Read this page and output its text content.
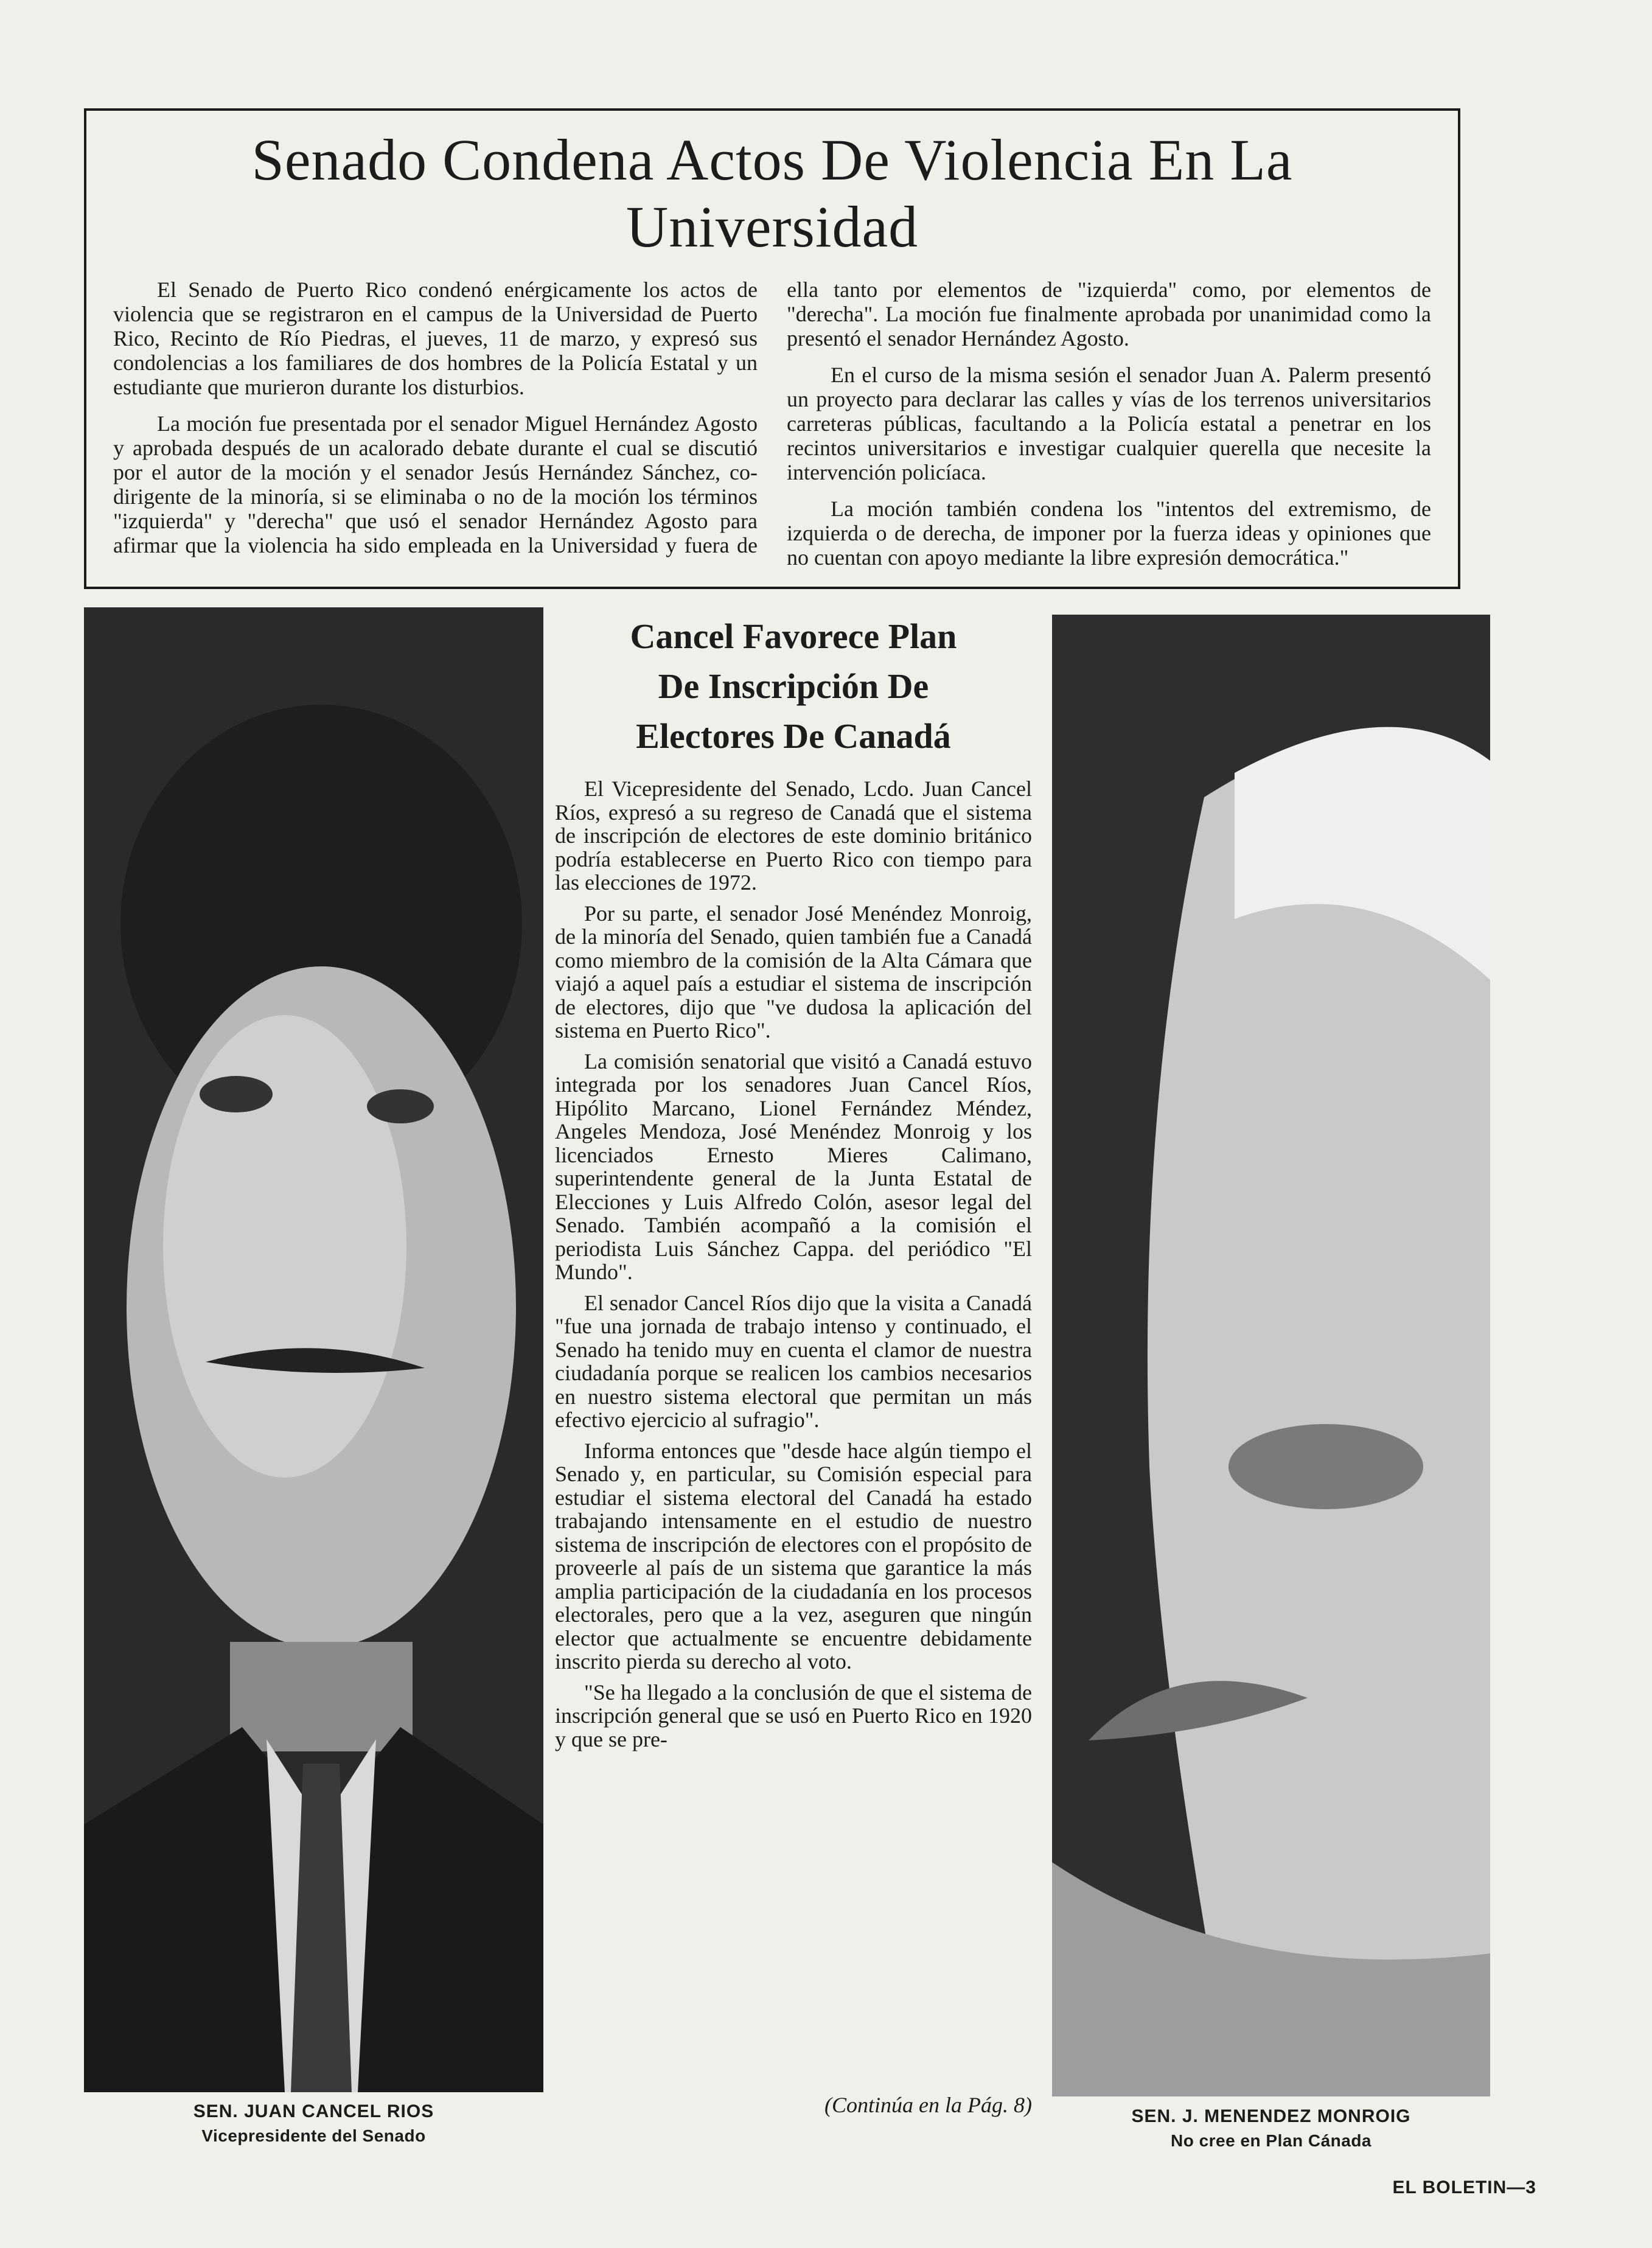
Senado Condena Actos De Violencia En La Universidad

El Senado de Puerto Rico condenó enérgicamente los actos de violencia que se registraron en el campus de la Universidad de Puerto Rico, Recinto de Río Piedras, el jueves, 11 de marzo, y expresó sus condolencias a los familiares de dos hombres de la Policía Estatal y un estudiante que murieron durante los disturbios.

La moción fue presentada por el senador Miguel Hernández Agosto y aprobada después de un acalorado debate durante el cual se discutió por el autor de la moción y el senador Jesús Hernández Sánchez, co-dirigente de la minoría, si se eliminaba o no de la moción los términos "izquierda" y "derecha" que usó el senador Hernández Agosto para afirmar que la violencia ha sido empleada en la Universidad y fuera de ella tanto por elementos de "izquierda" como, por elementos de "derecha". La moción fue finalmente aprobada por unanimidad como la presentó el senador Hernández Agosto.

En el curso de la misma sesión el senador Juan A. Palerm presentó un proyecto para declarar las calles y vías de los terrenos universitarios carreteras públicas, facultando a la Policía estatal a penetrar en los recintos universitarios e investigar cualquier querella que necesite la intervención policíaca.

La moción también condena los "intentos del extremismo, de izquierda o de derecha, de imponer por la fuerza ideas y opiniones que no cuentan con apoyo mediante la libre expresión democrática."

Cancel Favorece Plan
De Inscripción De
Electores De Canadá

El Vicepresidente del Senado, Lcdo. Juan Cancel Ríos, expresó a su regreso de Canadá que el sistema de inscripción de electores de este dominio británico podría establecerse en Puerto Rico con tiempo para las elecciones de 1972.

Por su parte, el senador José Menéndez Monroig, de la minoría del Senado, quien también fue a Canadá como miembro de la comisión de la Alta Cámara que viajó a aquel país a estudiar el sistema de inscripción de electores, dijo que "ve dudosa la aplicación del sistema en Puerto Rico".

La comisión senatorial que visitó a Canadá estuvo integrada por los senadores Juan Cancel Ríos, Hipólito Marcano, Lionel Fernández Méndez, Angeles Mendoza, José Menéndez Monroig y los licenciados Ernesto Mieres Calimano, superintendente general de la Junta Estatal de Elecciones y Luis Alfredo Colón, asesor legal del Senado. También acompañó a la comisión el periodista Luis Sánchez Cappa. del periódico "El Mundo".

El senador Cancel Ríos dijo que la visita a Canadá "fue una jornada de trabajo intenso y continuado, el Senado ha tenido muy en cuenta el clamor de nuestra ciudadanía porque se realicen los cambios necesarios en nuestro sistema electoral que permitan un más efectivo ejercicio al sufragio".

Informa entonces que "desde hace algún tiempo el Senado y, en particular, su Comisión especial para estudiar el sistema electoral del Canadá ha estado trabajando intensamente en el estudio de nuestro sistema de inscripción de electores con el propósito de proveerle al país de un sistema que garantice la más amplia participación de la ciudadanía en los procesos electorales, pero que a la vez, aseguren que ningún elector que actualmente se encuentre debidamente inscrito pierda su derecho al voto.

"Se ha llegado a la conclusión de que el sistema de inscripción general que se usó en Puerto Rico en 1920 y que se pre-

(Continúa en la Pág. 8)
SEN. JUAN CANCEL RIOS
Vicepresidente del Senado
SEN. J. MENENDEZ MONROIG
No cree en Plan Cánada
EL BOLETIN—3
